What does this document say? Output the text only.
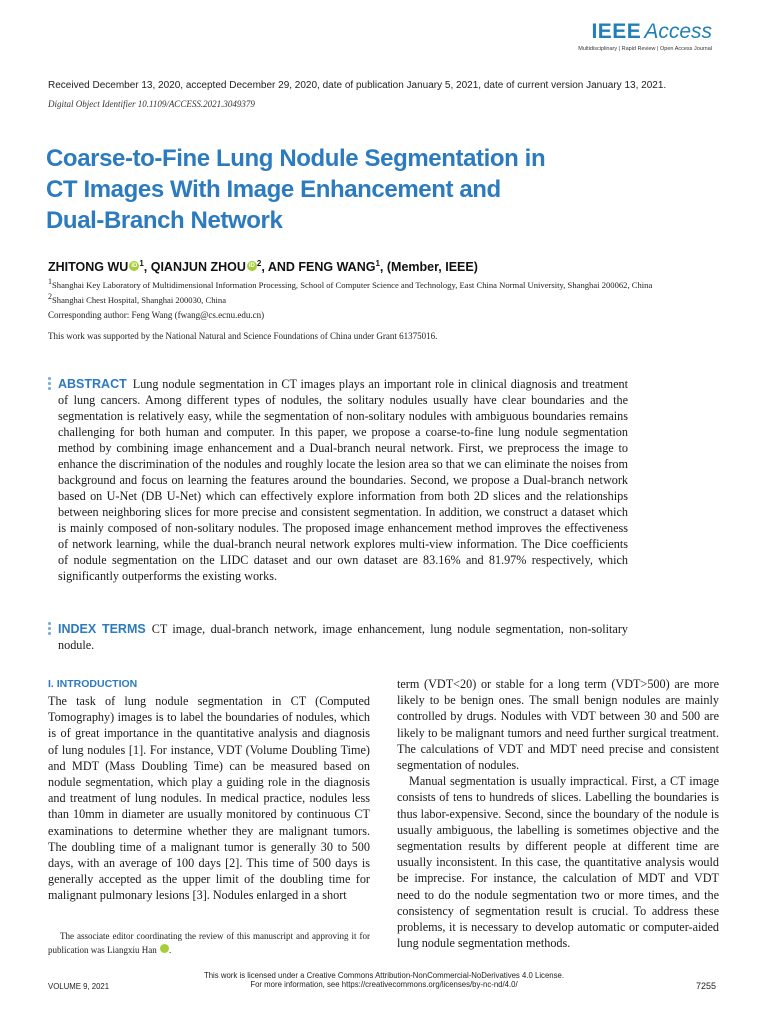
IEEE Access
Multidisciplinary | Rapid Review | Open Access Journal
Received December 13, 2020, accepted December 29, 2020, date of publication January 5, 2021, date of current version January 13, 2021.
Digital Object Identifier 10.1109/ACCESS.2021.3049379
Coarse-to-Fine Lung Nodule Segmentation in
CT Images With Image Enhancement and
Dual-Branch Network
ZHITONG WU iD $^1$, QIANJUN ZHOU iD $^2$, AND FENG WANG$^1$, (Member, IEEE)
$^1$Shanghai Key Laboratory of Multidimensional Information Processing, School of Computer Science and Technology, East China Normal University, Shanghai 200062, China
$^2$Shanghai Chest Hospital, Shanghai 200030, China
Corresponding author: Feng Wang (fwang@cs.ecnu.edu.cn)
This work was supported by the National Natural and Science Foundations of China under Grant 61375016.
ABSTRACT Lung nodule segmentation in CT images plays an important role in clinical diagnosis and treatment of lung cancers. Among different types of nodules, the solitary nodules usually have clear boundaries and the segmentation is relatively easy, while the segmentation of non-solitary nodules with ambiguous boundaries remains challenging for both human and computer. In this paper, we propose a coarse-to-fine lung nodule segmentation method by combining image enhancement and a Dual-branch neural network. First, we preprocess the image to enhance the discrimination of the nodules and roughly locate the lesion area so that we can eliminate the noises from background and focus on learning the features around the boundaries. Second, we propose a Dual-branch network based on U-Net (DB U-Net) which can effectively explore information from both 2D slices and the relationships between neighboring slices for more precise and consistent segmentation. In addition, we construct a dataset which is mainly composed of non-solitary nodules. The proposed image enhancement method improves the effectiveness of network learning, while the dual-branch neural network explores multi-view information. The Dice coefficients of nodule segmentation on the LIDC dataset and our own dataset are 83.16% and 81.97% respectively, which significantly outperforms the existing works.
INDEX TERMS CT image, dual-branch network, image enhancement, lung nodule segmentation, non-solitary nodule.
I. INTRODUCTION

The task of lung nodule segmentation in CT (Computed Tomography) images is to label the boundaries of nodules, which is of great importance in the quantitative analysis and diagnosis of lung nodules [1]. For instance, VDT (Volume Doubling Time) and MDT (Mass Doubling Time) can be measured based on nodule segmentation, which play a guiding role in the diagnosis and treatment of lung nodules. In medical practice, nodules less than 10mm in diameter are usually monitored by continuous CT examinations to determine whether they are malignant tumors. The doubling time of a malignant tumor is generally 30 to 500 days, with an average of 100 days [2]. This time of 500 days is generally accepted as the upper limit of the doubling time for malignant pulmonary lesions [3]. Nodules enlarged in a short

The associate editor coordinating the review of this manuscript and approving it for publication was Liangxiu Han	iD.

term (VDT<20) or stable for a long term (VDT>500) are more likely to be benign ones. The small benign nodules are mainly controlled by drugs. Nodules with VDT between 30 and 500 are likely to be malignant tumors and need further surgical treatment. The calculations of VDT and MDT need precise and consistent segmentation of nodules.

Manual segmentation is usually impractical. First, a CT image consists of tens to hundreds of slices. Labelling the boundaries is thus labor-expensive. Second, since the boundary of the nodule is usually ambiguous, the labelling is sometimes objective and the segmentation results by different people at different time are usually inconsistent. In this case, the quantitative analysis would be imprecise. For instance, the calculation of MDT and VDT need to do the nodule segmentation two or more times, and the consistency of segmentation result is crucial. To address these problems, it is necessary to develop automatic or computer-aided lung nodule segmentation methods.

This work is licensed under a Creative Commons Attribution-NonCommercial-NoDerivatives 4.0 License.
For more information, see https://creativecommons.org/licenses/by-nc-nd/4.0/
VOLUME 9, 2021	7255
